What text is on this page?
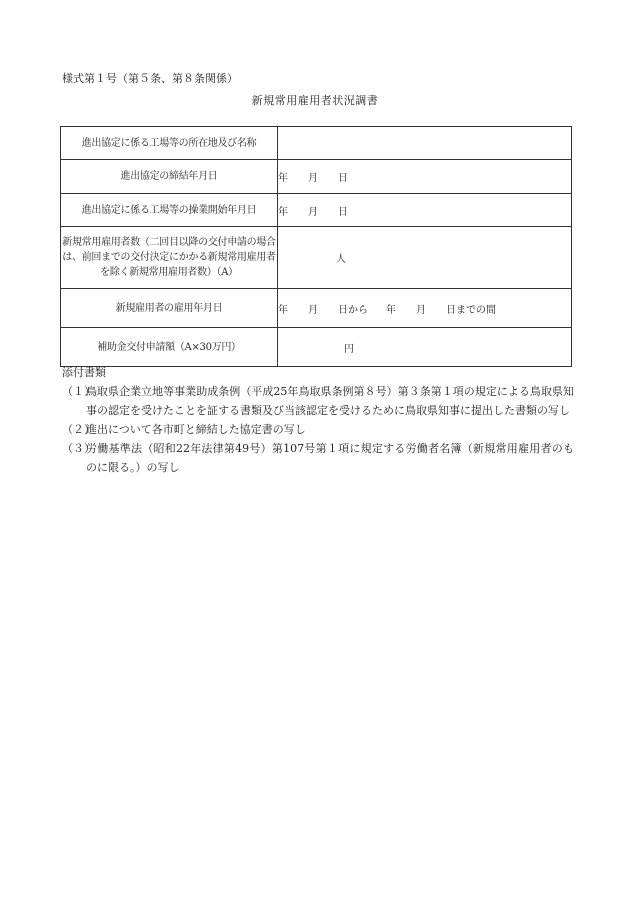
様式第１号（第５条、第８条関係）
新規常用雇用者状況調書
進出協定に係る工場等の所在地及び名称	
進出協定の締結年月日	年 月 日
進出協定に係る工場等の操業開始年月日	年 月 日

新規常用雇用者数（二回目以降の交付申請の場合
は、前回までの交付決定にかかる新規常用雇用者
を除く新規常用雇用者数）（A）	人
新規雇用者の雇用年月日	年 月 日から 年 月 日までの間
補助金交付申請額（A×30万円）	円
添付書類
（１）
鳥取県企業立地等事業助成条例（平成25年鳥取県条例第８号）第３条第１項の規定による鳥取県知事の認定を受けたことを証する書類及び当該認定を受けるために鳥取県知事に提出した書類の写し
（２）
進出について各市町と締結した協定書の写し
（３）
労働基準法（昭和22年法律第49号）第107号第１項に規定する労働者名簿（新規常用雇用者のものに限る。）の写し
